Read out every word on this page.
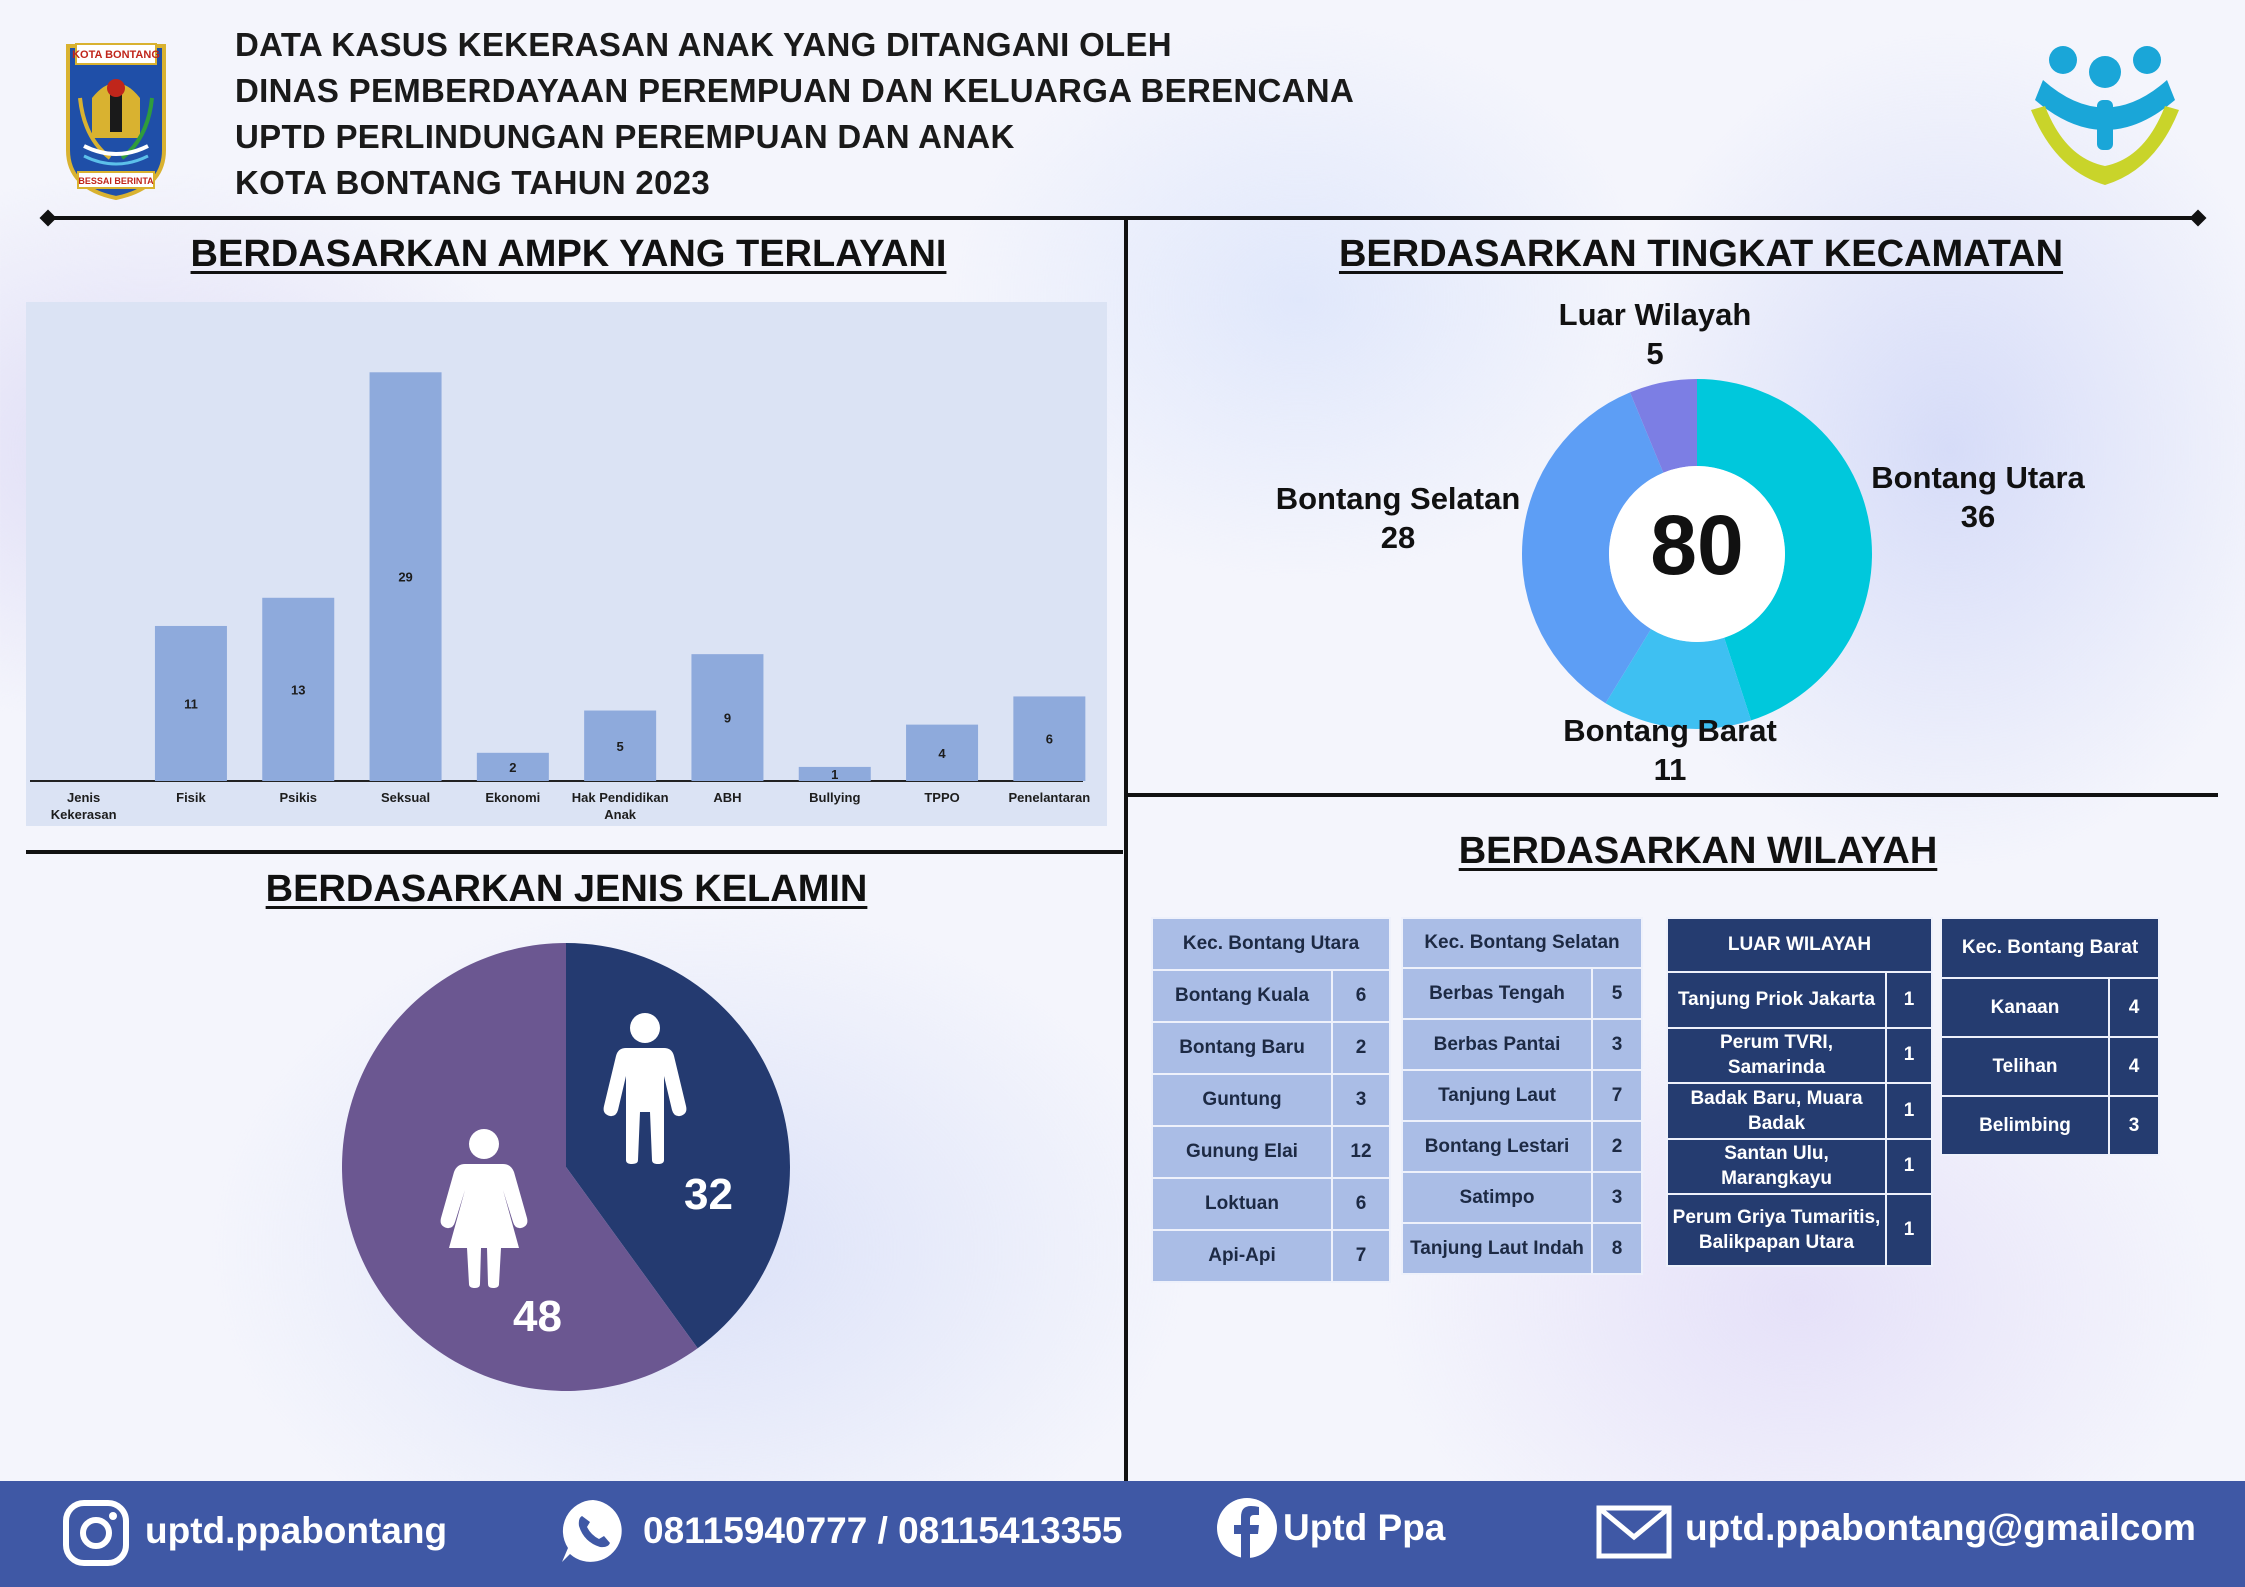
KOTA BONTANG
BESSAI BERINTA
DATA KASUS KEKERASAN ANAK YANG DITANGANI OLEH
DINAS PEMBERDAYAAN PEREMPUAN DAN KELUARGA BERENCANA
UPTD PERLINDUNGAN PEREMPUAN DAN ANAK
KOTA BONTANG TAHUN 2023
BERDASARKAN AMPK YANG TERLAYANI
Jenis
Kekerasan
11
Fisik
13
Psikis
29
Seksual
2
Ekonomi
5
Hak Pendidikan
Anak
9
ABH
1
Bullying
4
TPPO
6
Penelantaran
BERDASARKAN TINGKAT KECAMATAN
80
Luar Wilayah
5
Bontang Utara
36
Bontang Selatan
28
Bontang Barat
11
BERDASARKAN JENIS KELAMIN
32
48
BERDASARKAN WILAYAH
Kec. Bontang Utara	
Bontang Kuala	6
Bontang Baru	2
Guntung	3
Gunung Elai	12
Loktuan	6
Api-Api	7
Kec. Bontang Selatan	
Berbas Tengah	5
Berbas Pantai	3
Tanjung Laut	7
Bontang Lestari	2
Satimpo	3
Tanjung Laut Indah	8
LUAR WILAYAH	
Tanjung Priok Jakarta	1
Perum TVRI, Samarinda	1
Badak Baru, Muara Badak	1
Santan Ulu, Marangkayu	1
Perum Griya Tumaritis, Balikpapan Utara	1
Kec. Bontang Barat	
Kanaan	4
Telihan	4
Belimbing	3
uptd.ppabontang	08115940777 / 08115413355	Uptd Ppa	uptd.ppabontang@gmailcom
